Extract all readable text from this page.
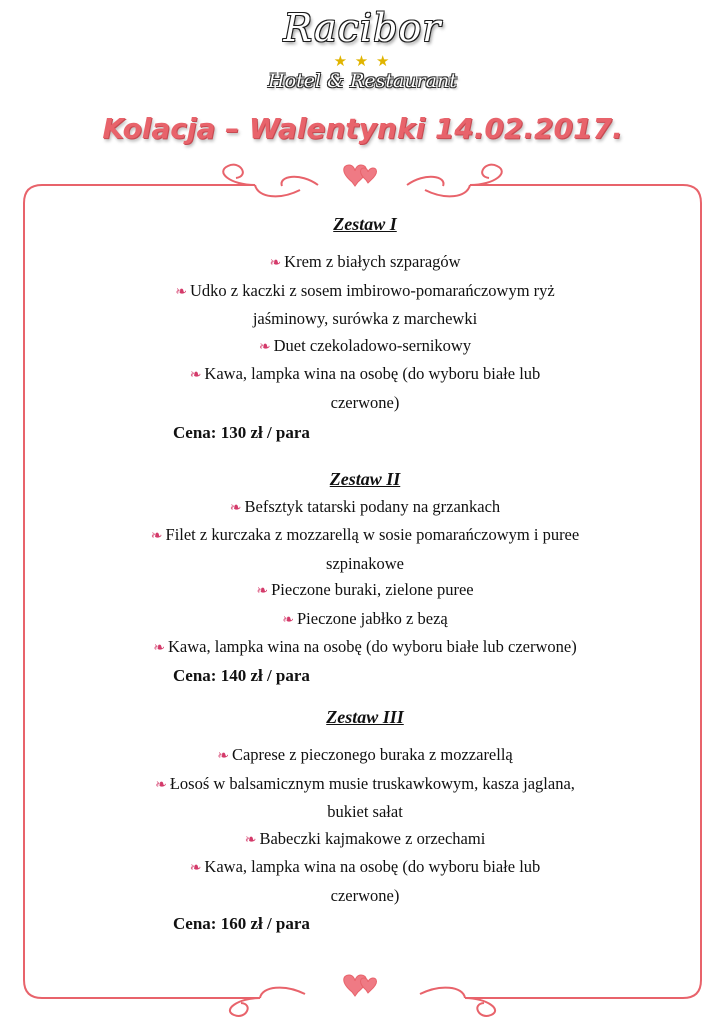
Racibor
★ ★ ★
Hotel & Restaurant
Kolacja – Walentynki 14.02.2017.

Zestaw I

❧ Krem z białych szparagów
❧ Udko z kaczki z sosem imbirowo-pomarańczowym ryż
jaśminowy, surówka z marchewki
❧ Duet czekoladowo-sernikowy
❧ Kawa, lampka wina na osobę (do wyboru białe lub
czerwone)
Cena: 130 zł / para

Zestaw II

❧ Befsztyk tatarski podany na grzankach
❧ Filet z kurczaka z mozzarellą w sosie pomarańczowym i puree
szpinakowe
❧ Pieczone buraki, zielone puree
❧ Pieczone jabłko z bezą
❧ Kawa, lampka wina na osobę (do wyboru białe lub czerwone)
Cena: 140 zł / para

Zestaw III

❧ Caprese z pieczonego buraka z mozzarellą
❧ Łosoś w balsamicznym musie truskawkowym, kasza jaglana,
bukiet sałat
❧ Babeczki kajmakowe z orzechami
❧ Kawa, lampka wina na osobę (do wyboru białe lub
czerwone)
Cena: 160 zł / para
